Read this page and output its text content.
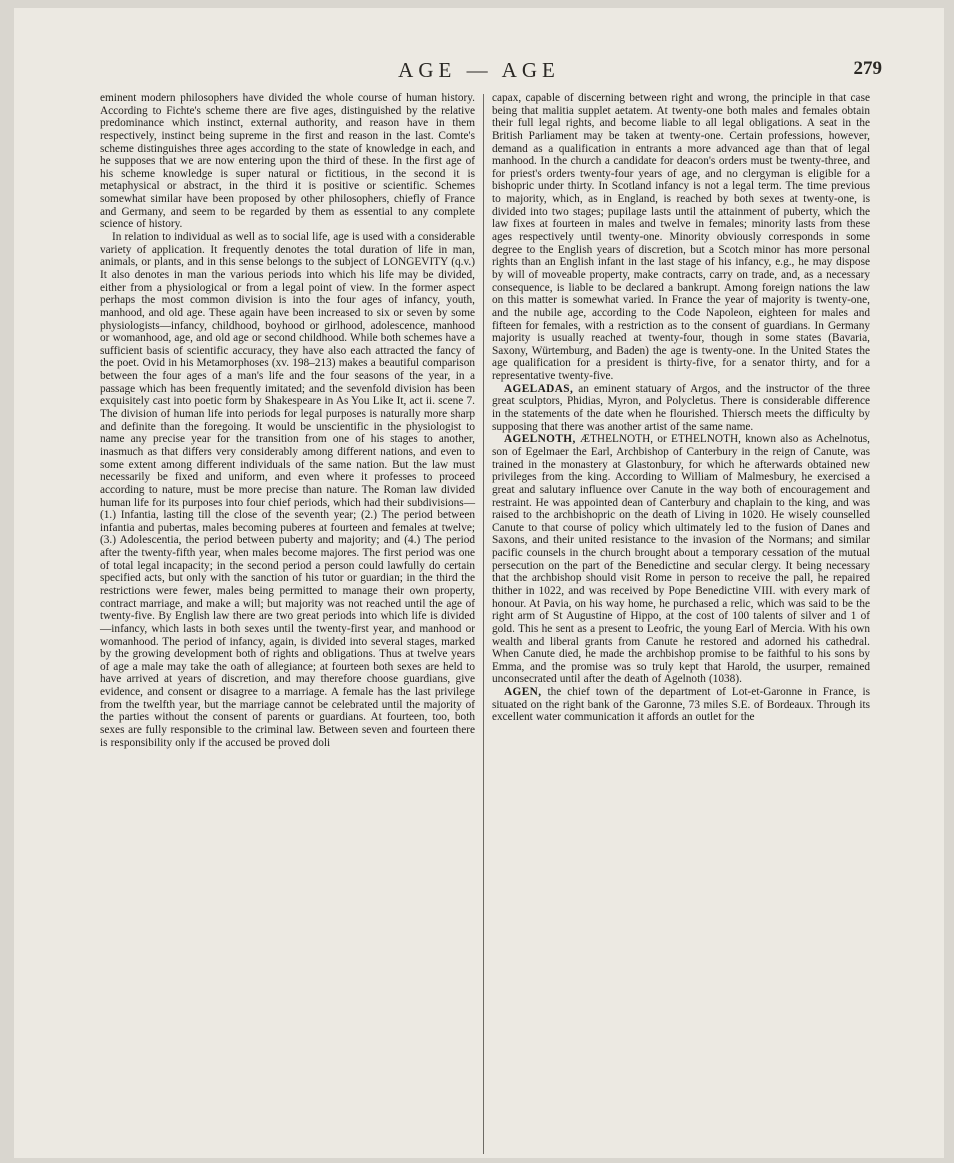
AGE — AGE	279

eminent modern philosophers have divided the whole course of human history. According to Fichte's scheme there are five ages, distinguished by the relative predominance which instinct, external authority, and reason have in them respectively, instinct being supreme in the first and reason in the last. Comte's scheme distinguishes three ages according to the state of knowledge in each, and he supposes that we are now entering upon the third of these. In the first age of his scheme knowledge is super natural or fictitious, in the second it is metaphysical or abstract, in the third it is positive or scientific. Schemes somewhat similar have been proposed by other philosophers, chiefly of France and Germany, and seem to be regarded by them as essential to any complete science of history.

In relation to individual as well as to social life, age is used with a considerable variety of application. It frequently denotes the total duration of life in man, animals, or plants, and in this sense belongs to the subject of LONGEVITY (q.v.) It also denotes in man the various periods into which his life may be divided, either from a physiological or from a legal point of view. In the former aspect perhaps the most common division is into the four ages of infancy, youth, manhood, and old age. These again have been increased to six or seven by some physiologists—infancy, childhood, boyhood or girlhood, adolescence, manhood or womanhood, age, and old age or second childhood. While both schemes have a sufficient basis of scientific accuracy, they have also each attracted the fancy of the poet. Ovid in his Metamorphoses (xv. 198–213) makes a beautiful comparison between the four ages of a man's life and the four seasons of the year, in a passage which has been frequently imitated; and the sevenfold division has been exquisitely cast into poetic form by Shakespeare in As You Like It, act ii. scene 7. The division of human life into periods for legal purposes is naturally more sharp and definite than the foregoing. It would be unscientific in the physiologist to name any precise year for the transition from one of his stages to another, inasmuch as that differs very considerably among different nations, and even to some extent among different individuals of the same nation. But the law must necessarily be fixed and uniform, and even where it professes to proceed according to nature, must be more precise than nature. The Roman law divided human life for its purposes into four chief periods, which had their subdivisions—(1.) Infantia, lasting till the close of the seventh year; (2.) The period between infantia and pubertas, males becoming puberes at fourteen and females at twelve; (3.) Adolescentia, the period between puberty and majority; and (4.) The period after the twenty-fifth year, when males become majores. The first period was one of total legal incapacity; in the second period a person could lawfully do certain specified acts, but only with the sanction of his tutor or guardian; in the third the restrictions were fewer, males being permitted to manage their own property, contract marriage, and make a will; but majority was not reached until the age of twenty-five. By English law there are two great periods into which life is divided—infancy, which lasts in both sexes until the twenty-first year, and manhood or womanhood. The period of infancy, again, is divided into several stages, marked by the growing development both of rights and obligations. Thus at twelve years of age a male may take the oath of allegiance; at fourteen both sexes are held to have arrived at years of discretion, and may therefore choose guardians, give evidence, and consent or disagree to a marriage. A female has the last privilege from the twelfth year, but the marriage cannot be celebrated until the majority of the parties without the consent of parents or guardians. At fourteen, too, both sexes are fully responsible to the criminal law. Between seven and fourteen there is responsibility only if the accused be proved doli

capax, capable of discerning between right and wrong, the principle in that case being that malitia supplet aetatem. At twenty-one both males and females obtain their full legal rights, and become liable to all legal obligations. A seat in the British Parliament may be taken at twenty-one. Certain professions, however, demand as a qualification in entrants a more advanced age than that of legal manhood. In the church a candidate for deacon's orders must be twenty-three, and for priest's orders twenty-four years of age, and no clergyman is eligible for a bishopric under thirty. In Scotland infancy is not a legal term. The time previous to majority, which, as in England, is reached by both sexes at twenty-one, is divided into two stages; pupilage lasts until the attainment of puberty, which the law fixes at fourteen in males and twelve in females; minority lasts from these ages respectively until twenty-one. Minority obviously corresponds in some degree to the English years of discretion, but a Scotch minor has more personal rights than an English infant in the last stage of his infancy, e.g., he may dispose by will of moveable property, make contracts, carry on trade, and, as a necessary consequence, is liable to be declared a bankrupt. Among foreign nations the law on this matter is somewhat varied. In France the year of majority is twenty-one, and the nubile age, according to the Code Napoleon, eighteen for males and fifteen for females, with a restriction as to the consent of guardians. In Germany majority is usually reached at twenty-four, though in some states (Bavaria, Saxony, Würtemburg, and Baden) the age is twenty-one. In the United States the age qualification for a president is thirty-five, for a senator thirty, and for a representative twenty-five.

AGELADAS, an eminent statuary of Argos, and the instructor of the three great sculptors, Phidias, Myron, and Polycletus. There is considerable difference in the statements of the date when he flourished. Thiersch meets the difficulty by supposing that there was another artist of the same name.

AGELNOTH, ÆTHELNOTH, or ETHELNOTH, known also as Achelnotus, son of Egelmaer the Earl, Archbishop of Canterbury in the reign of Canute, was trained in the monastery at Glastonbury, for which he afterwards obtained new privileges from the king. According to William of Malmesbury, he exercised a great and salutary influence over Canute in the way both of encouragement and restraint. He was appointed dean of Canterbury and chaplain to the king, and was raised to the archbishopric on the death of Living in 1020. He wisely counselled Canute to that course of policy which ultimately led to the fusion of Danes and Saxons, and their united resistance to the invasion of the Normans; and similar pacific counsels in the church brought about a temporary cessation of the mutual persecution on the part of the Benedictine and secular clergy. It being necessary that the archbishop should visit Rome in person to receive the pall, he repaired thither in 1022, and was received by Pope Benedictine VIII. with every mark of honour. At Pavia, on his way home, he purchased a relic, which was said to be the right arm of St Augustine of Hippo, at the cost of 100 talents of silver and 1 of gold. This he sent as a present to Leofric, the young Earl of Mercia. With his own wealth and liberal grants from Canute he restored and adorned his cathedral. When Canute died, he made the archbishop promise to be faithful to his sons by Emma, and the promise was so truly kept that Harold, the usurper, remained unconsecrated until after the death of Agelnoth (1038).

AGEN, the chief town of the department of Lot-et-Garonne in France, is situated on the right bank of the Garonne, 73 miles S.E. of Bordeaux. Through its excellent water communication it affords an outlet for the
